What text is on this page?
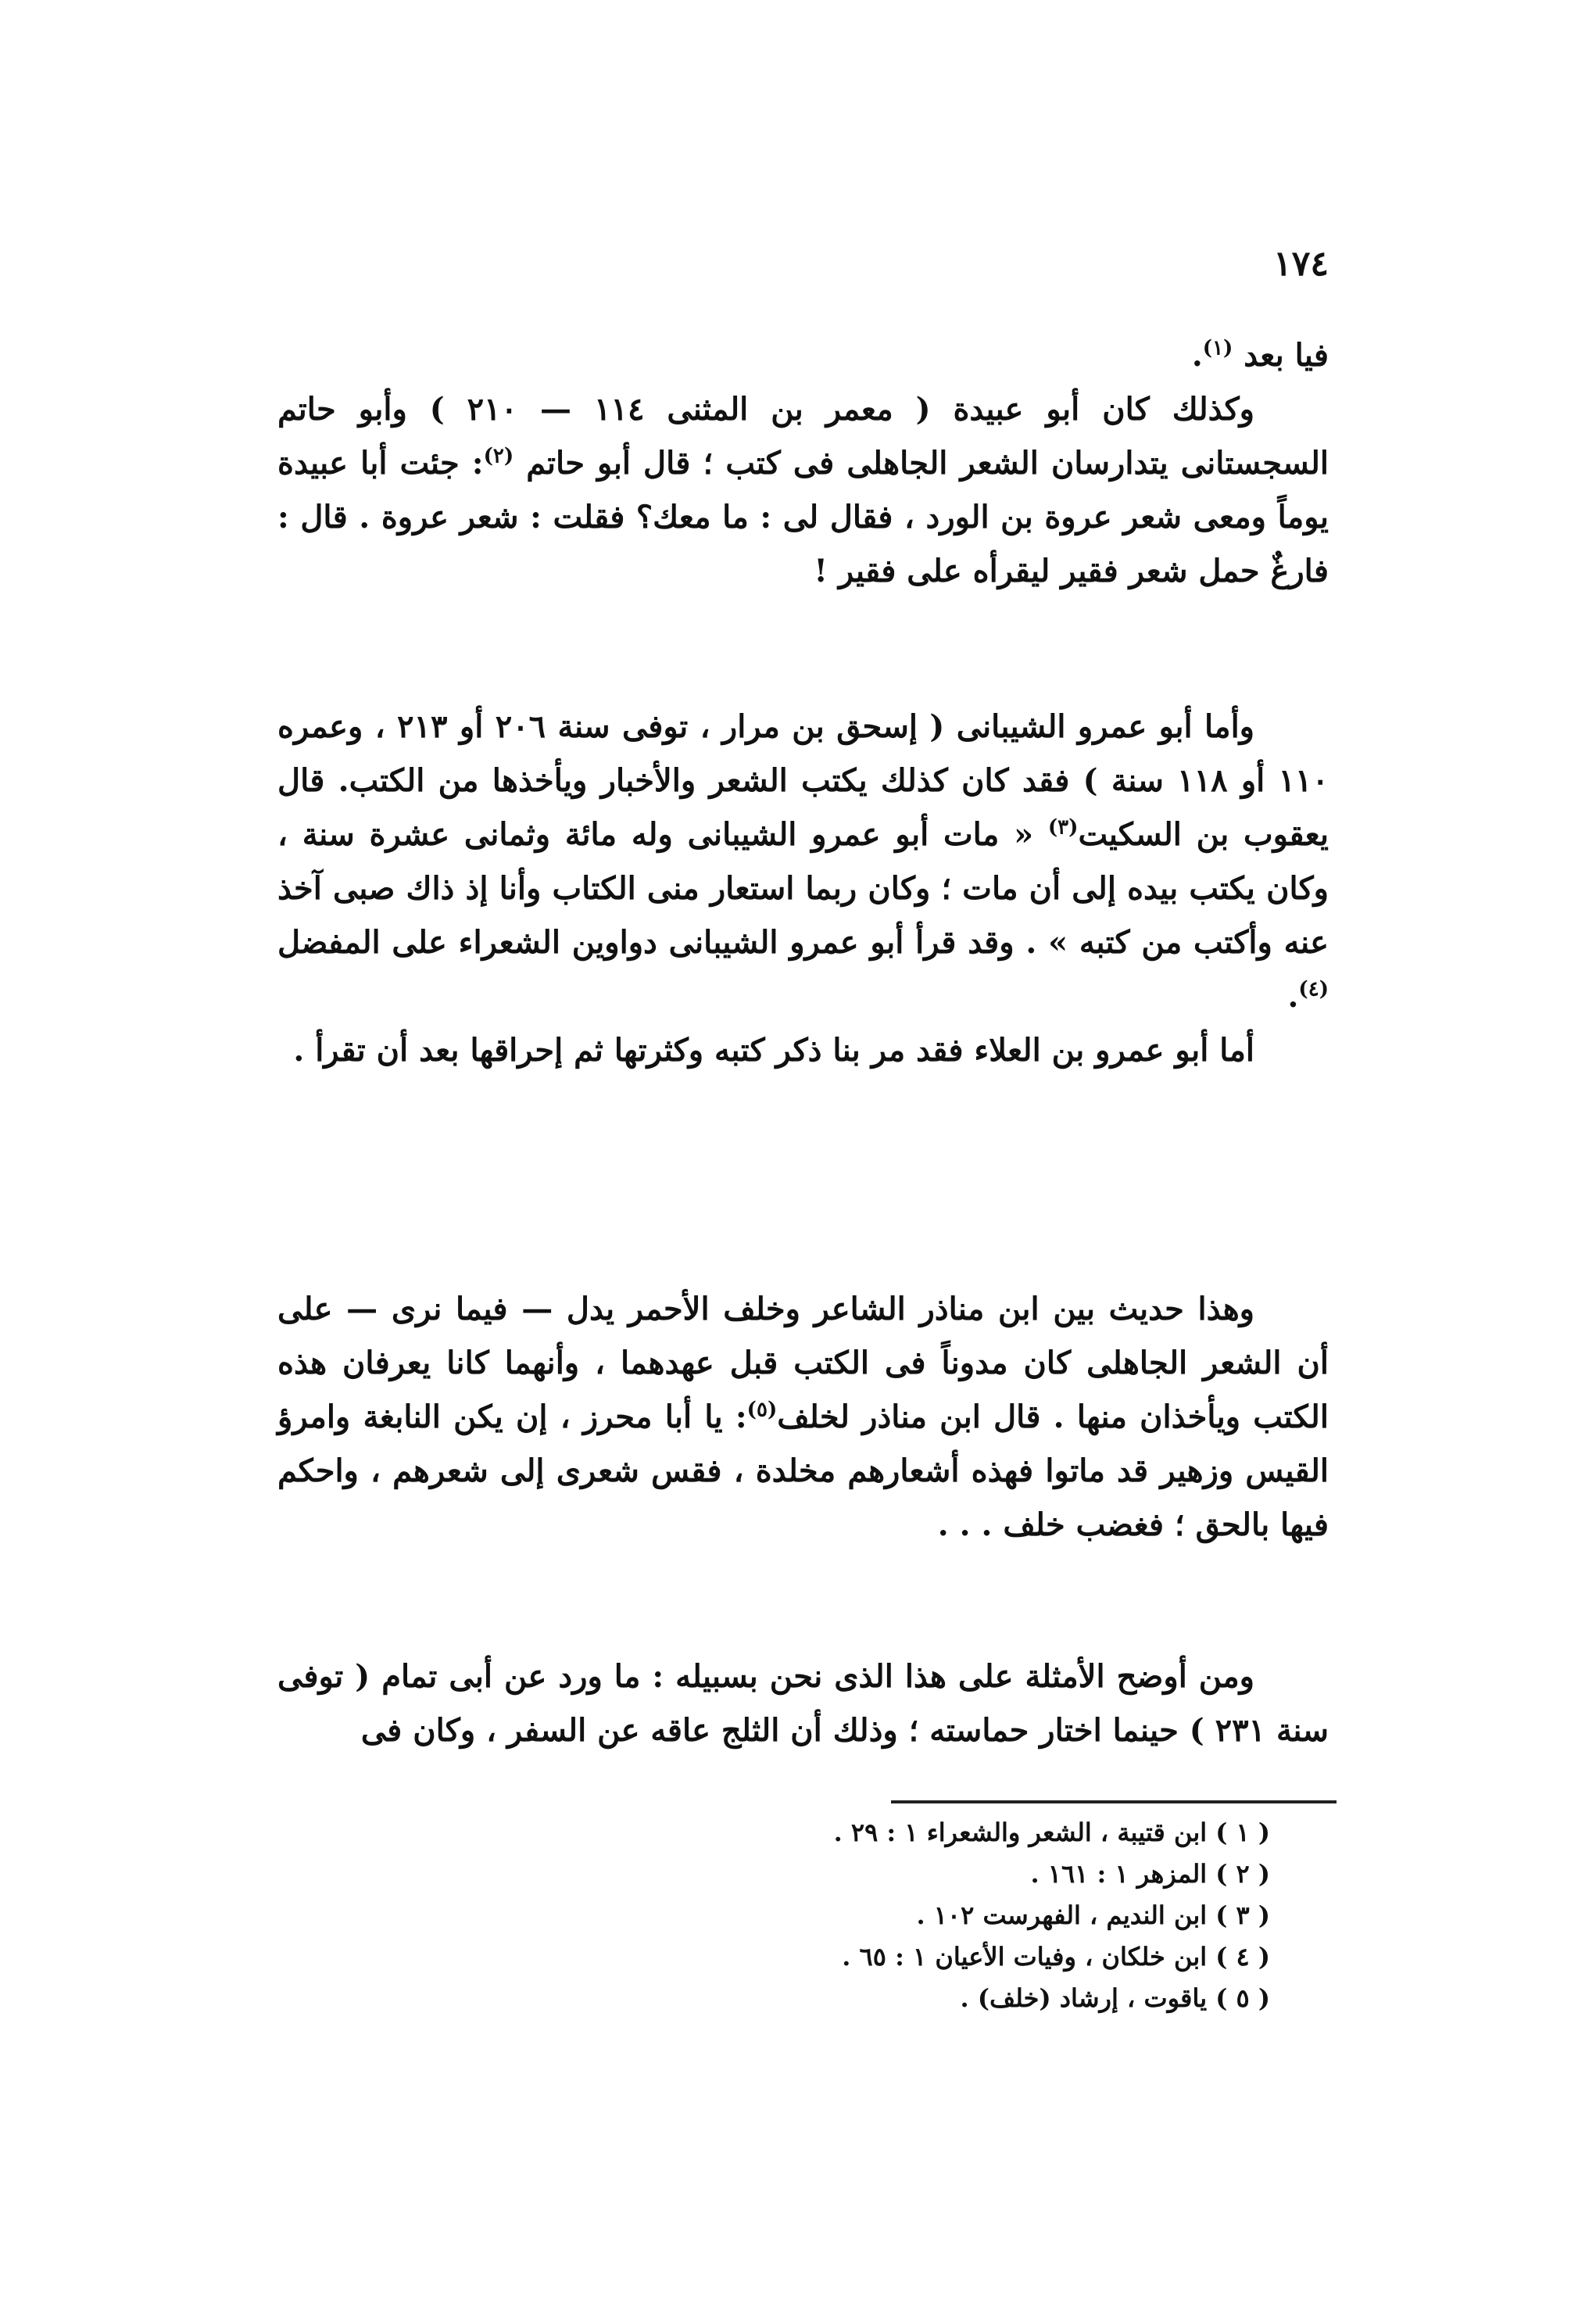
١٧٤

فيا بعد $^{(١)}$.

وكذلك كان أبو عبيدة ( معمر بن المثنى ١١٤ — ٢١٠ ) وأبو حاتم السجستانى يتدارسان الشعر الجاهلى فى كتب ؛ قال أبو حاتم $^{(٢)}$: جئت أبا عبيدة يوماً ومعى شعر عروة بن الورد ، فقال لى : ما معك؟ فقلت : شعر عروة . قال : فارغٌ حمل شعر فقير ليقرأه على فقير !

وأما أبو عمرو الشيبانى ( إسحق بن مرار ، توفى سنة ٢٠٦ أو ٢١٣ ، وعمره ١١٠ أو ١١٨ سنة ) فقد كان كذلك يكتب الشعر والأخبار ويأخذها من الكتب. قال يعقوب بن السكيت$^{(٣)}$ « مات أبو عمرو الشيبانى وله مائة وثمانى عشرة سنة ، وكان يكتب بيده إلى أن مات ؛ وكان ربما استعار منى الكتاب وأنا إذ ذاك صبى آخذ عنه وأكتب من كتبه » . وقد قرأ أبو عمرو الشيبانى دواوين الشعراء على المفضل $^{(٤)}$.

أما أبو عمرو بن العلاء فقد مر بنا ذكر كتبه وكثرتها ثم إحراقها بعد أن تقرأ .

وهذا حديث بين ابن مناذر الشاعر وخلف الأحمر يدل — فيما نرى — على أن الشعر الجاهلى كان مدوناً فى الكتب قبل عهدهما ، وأنهما كانا يعرفان هذه الكتب ويأخذان منها . قال ابن مناذر لخلف$^{(٥)}$: يا أبا محرز ، إن يكن النابغة وامرؤ القيس وزهير قد ماتوا فهذه أشعارهم مخلدة ، فقس شعرى إلى شعرهم ، واحكم فيها بالحق ؛ فغضب خلف . . .

ومن أوضح الأمثلة على هذا الذى نحن بسبيله : ما ورد عن أبى تمام ( توفى سنة ٢٣١ ) حينما اختار حماسته ؛ وذلك أن الثلج عاقه عن السفر ، وكان فى

( ١ ) ابن قتيبة ، الشعر والشعراء ١ : ٢٩ .

( ٢ ) المزهر ١ : ١٦١ .

( ٣ ) ابن النديم ، الفهرست ١٠٢ .

( ٤ ) ابن خلكان ، وفيات الأعيان ١ : ٦٥ .

( ٥ ) ياقوت ، إرشاد (خلف) .
